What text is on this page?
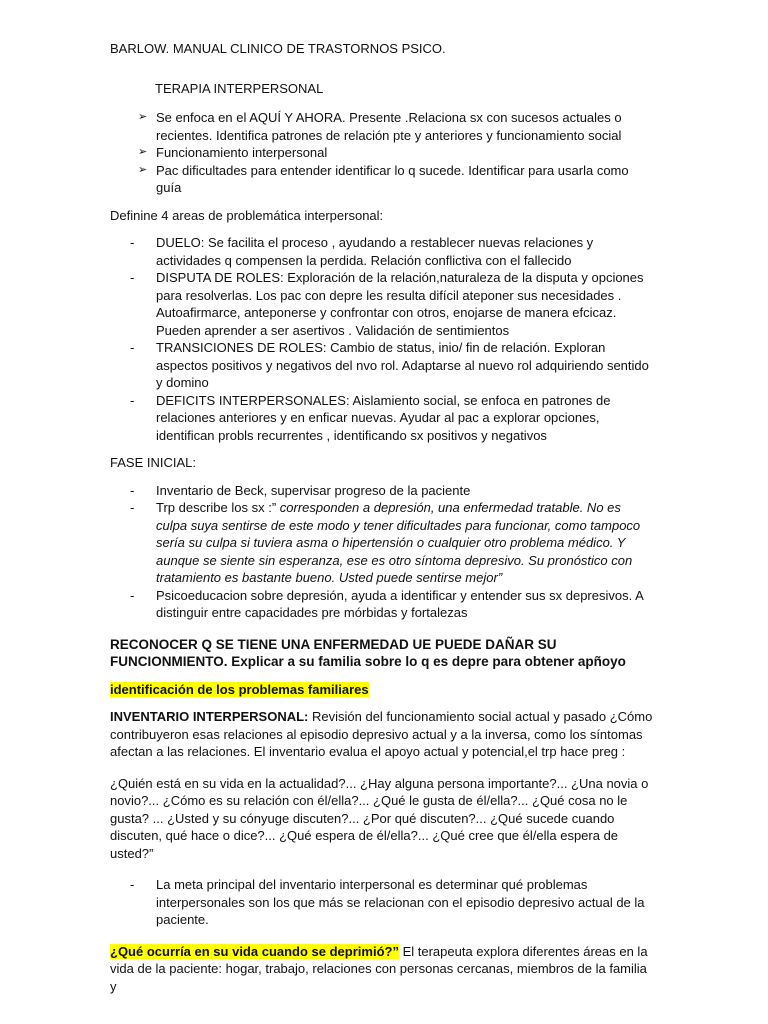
BARLOW. MANUAL CLINICO DE TRASTORNOS PSICO.

TERAPIA INTERPERSONAL

➢ Se enfoca en el AQUÍ Y AHORA. Presente .Relaciona sx con sucesos actuales o recientes. Identifica patrones de relación pte y anteriores y funcionamiento social
➢ Funcionamiento interpersonal
➢ Pac dificultades para entender identificar lo q sucede. Identificar para usarla como guía

Definine 4 areas de problemática interpersonal:

-	DUELO: Se facilita el proceso , ayudando a restablecer nuevas relaciones y actividades q compensen la perdida. Relación conflictiva con el fallecido
-	DISPUTA DE ROLES: Exploración de la relación,naturaleza de la disputa y opciones para resolverlas. Los pac con depre les resulta difícil ateponer sus necesidades . Autoafirmarce, anteponerse y confrontar con otros, enojarse de manera efcicaz. Pueden aprender a ser asertivos . Validación de sentimientos
-	TRANSICIONES DE ROLES: Cambio de status, inio/ fin de relación. Exploran aspectos positivos y negativos del nvo rol. Adaptarse al nuevo rol adquiriendo sentido y domino
-	DEFICITS INTERPERSONALES: Aislamiento social, se enfoca en patrones de relaciones anteriores y en enficar nuevas. Ayudar al pac a explorar opciones, identifican probls recurrentes , identificando sx positivos y negativos

FASE INICIAL:

-	Inventario de Beck, supervisar progreso de la paciente
-	Trp describe los sx :” corresponden a depresión, una enfermedad tratable. No es culpa suya sentirse de este modo y tener dificultades para funcionar, como tampoco sería su culpa si tuviera asma o hipertensión o cualquier otro problema médico. Y aunque se siente sin esperanza, ese es otro síntoma depresivo. Su pronóstico con tratamiento es bastante bueno. Usted puede sentirse mejor”
-	Psicoeducacion sobre depresión, ayuda a identificar y entender sus sx depresivos. A distinguir entre capacidades pre mórbidas y fortalezas

RECONOCER Q SE TIENE UNA ENFERMEDAD UE PUEDE DAÑAR SU FUNCIONMIENTO. Explicar a su familia sobre lo q es depre para obtener apñoyo

identificación de los problemas familiares

INVENTARIO INTERPERSONAL: Revisión del funcionamiento social actual y pasado ¿Cómo contribuyeron esas relaciones al episodio depresivo actual y a la inversa, como los síntomas afectan a las relaciones. El inventario evalua el apoyo actual y potencial,el trp hace preg :

¿Quién está en su vida en la actualidad?... ¿Hay alguna persona importante?... ¿Una novia o novio?... ¿Cómo es su relación con él/ella?... ¿Qué le gusta de él/ella?... ¿Qué cosa no le gusta? ... ¿Usted y su cónyuge discuten?... ¿Por qué discuten?... ¿Qué sucede cuando discuten, qué hace o dice?... ¿Qué espera de él/ella?... ¿Qué cree que él/ella espera de usted?”

-	La meta principal del inventario interpersonal es determinar qué problemas interpersonales son los que más se relacionan con el episodio depresivo actual de la paciente.

¿Qué ocurría en su vida cuando se deprimió?” El terapeuta explora diferentes áreas en la vida de la paciente: hogar, trabajo, relaciones con personas cercanas, miembros de la familia y
